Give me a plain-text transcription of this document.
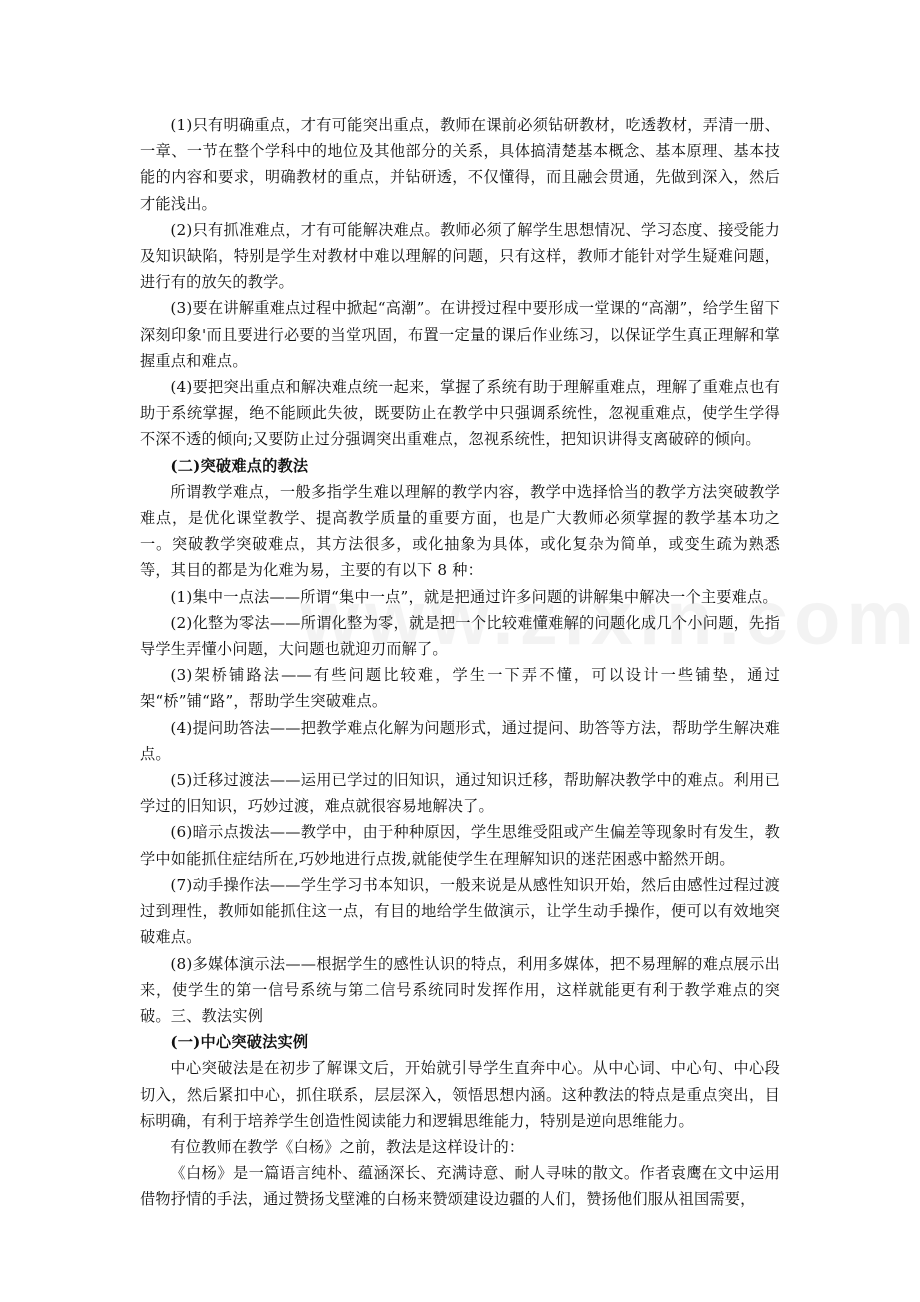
(1)只有明确重点，才有可能突出重点，教师在课前必须钻研教材，吃透教材，弄清一册、一章、一节在整个学科中的地位及其他部分的关系，具体搞清楚基本概念、基本原理、基本技能的内容和要求，明确教材的重点，并钻研透，不仅懂得，而且融会贯通，先做到深入，然后才能浅出。

(2)只有抓准难点，才有可能解决难点。教师必须了解学生思想情况、学习态度、接受能力及知识缺陷，特别是学生对教材中难以理解的问题，只有这样，教师才能针对学生疑难问题，进行有的放矢的教学。

(3)要在讲解重难点过程中掀起“高潮”。在讲授过程中要形成一堂课的“高潮”，给学生留下深刻印象'而且要进行必要的当堂巩固，布置一定量的课后作业练习，以保证学生真正理解和掌握重点和难点。

(4)要把突出重点和解决难点统一起来，掌握了系统有助于理解重难点，理解了重难点也有助于系统掌握，绝不能顾此失彼，既要防止在教学中只强调系统性，忽视重难点，使学生学得不深不透的倾向;又要防止过分强调突出重难点，忽视系统性，把知识讲得支离破碎的倾向。

(二)突破难点的教法

所谓教学难点，一般多指学生难以理解的教学内容，教学中选择恰当的教学方法突破教学难点，是优化课堂教学、提高教学质量的重要方面，也是广大教师必须掌握的教学基本功之一。突破教学突破难点，其方法很多，或化抽象为具体，或化复杂为简单，或变生疏为熟悉等，其目的都是为化难为易，主要的有以下 8 种：

(1)集中一点法——所谓“集中一点”，就是把通过许多问题的讲解集中解决一个主要难点。

(2)化整为零法——所谓化整为零，就是把一个比较难懂难解的问题化成几个小问题，先指导学生弄懂小问题，大问题也就迎刃而解了。

(3)架桥铺路法——有些问题比较难，学生一下弄不懂，可以设计一些铺垫，通过架“桥”铺“路”，帮助学生突破难点。

(4)提问助答法——把教学难点化解为问题形式，通过提问、助答等方法，帮助学生解决难点。

(5)迁移过渡法——运用已学过的旧知识，通过知识迁移，帮助解决教学中的难点。利用已学过的旧知识，巧妙过渡，难点就很容易地解决了。

(6)暗示点拨法——教学中，由于种种原因，学生思维受阻或产生偏差等现象时有发生，教学中如能抓住症结所在,巧妙地进行点拨,就能使学生在理解知识的迷茫困惑中豁然开朗。

(7)动手操作法——学生学习书本知识，一般来说是从感性知识开始，然后由感性过程过渡过到理性，教师如能抓住这一点，有目的地给学生做演示，让学生动手操作，便可以有效地突破难点。

(8)多媒体演示法——根据学生的感性认识的特点，利用多媒体，把不易理解的难点展示出来，使学生的第一信号系统与第二信号系统同时发挥作用，这样就能更有利于教学难点的突破。三、教法实例

(一)中心突破法实例

中心突破法是在初步了解课文后，开始就引导学生直奔中心。从中心词、中心句、中心段切入，然后紧扣中心，抓住联系，层层深入，领悟思想内涵。这种教法的特点是重点突出，目标明确，有利于培养学生创造性阅读能力和逻辑思维能力，特别是逆向思维能力。

有位教师在教学《白杨》之前，教法是这样设计的：

《白杨》是一篇语言纯朴、蕴涵深长、充满诗意、耐人寻味的散文。作者袁鹰在文中运用借物抒情的手法，通过赞扬戈壁滩的白杨来赞颂建设边疆的人们，赞扬他们服从祖国需要，
